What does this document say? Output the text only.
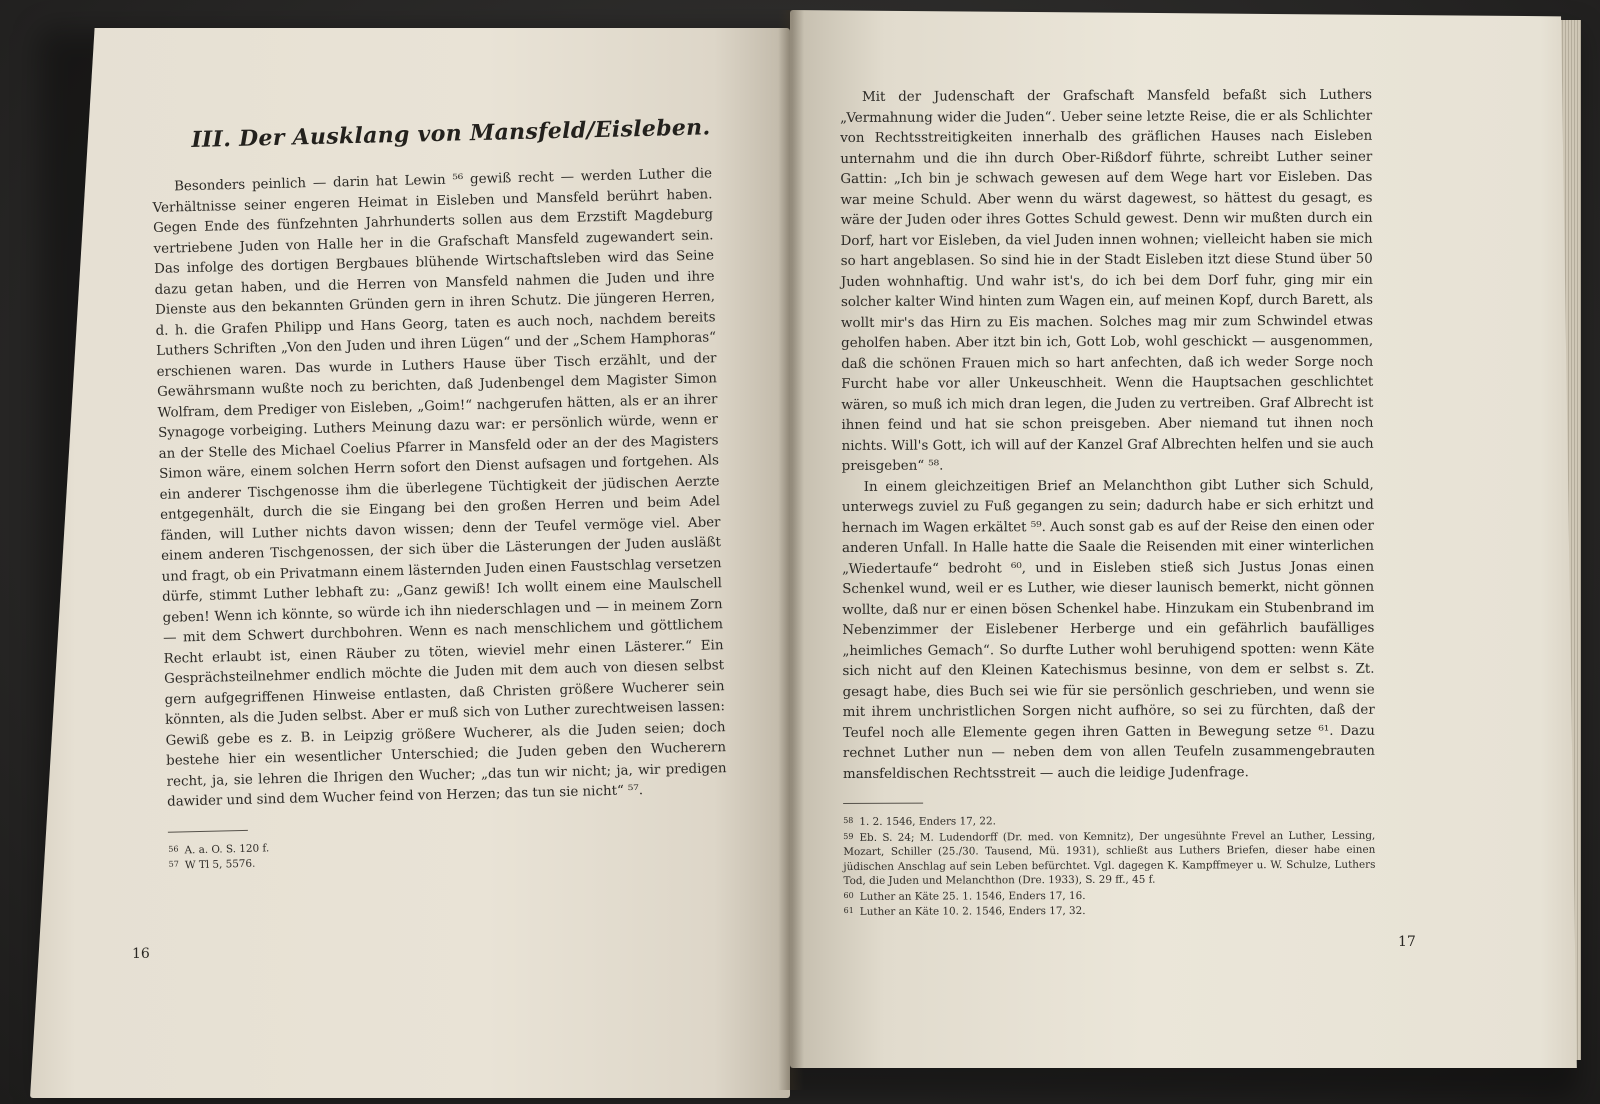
III. Der Ausklang von Mansfeld/Eisleben.

Besonders peinlich — darin hat Lewin ⁵⁶ gewiß recht — werden Luther die Verhältnisse seiner engeren Heimat in Eisleben und Mansfeld berührt haben. Gegen Ende des fünfzehnten Jahrhunderts sollen aus dem Erzstift Magdeburg vertriebene Juden von Halle her in die Grafschaft Mansfeld zugewandert sein. Das infolge des dortigen Bergbaues blühende Wirtschaftsleben wird das Seine dazu getan haben, und die Herren von Mansfeld nahmen die Juden und ihre Dienste aus den bekannten Gründen gern in ihren Schutz. Die jüngeren Herren, d. h. die Grafen Philipp und Hans Georg, taten es auch noch, nachdem bereits Luthers Schriften „Von den Juden und ihren Lügen“ und der „Schem Hamphoras“ erschienen waren. Das wurde in Luthers Hause über Tisch erzählt, und der Gewährsmann wußte noch zu berichten, daß Judenbengel dem Magister Simon Wolfram, dem Prediger von Eisleben, „Goim!“ nachgerufen hätten, als er an ihrer Synagoge vorbeiging. Luthers Meinung dazu war: er persönlich würde, wenn er an der Stelle des Michael Coelius Pfarrer in Mansfeld oder an der des Magisters Simon wäre, einem solchen Herrn sofort den Dienst aufsagen und fortgehen. Als ein anderer Tischgenosse ihm die überlegene Tüchtigkeit der jüdischen Aerzte entgegenhält, durch die sie Eingang bei den großen Herren und beim Adel fänden, will Luther nichts davon wissen; denn der Teufel vermöge viel. Aber einem anderen Tischgenossen, der sich über die Lästerungen der Juden ausläßt und fragt, ob ein Privatmann einem lästernden Juden einen Faustschlag versetzen dürfe, stimmt Luther lebhaft zu: „Ganz gewiß! Ich wollt einem eine Maulschell geben! Wenn ich könnte, so würde ich ihn niederschlagen und — in meinem Zorn — mit dem Schwert durchbohren. Wenn es nach menschlichem und göttlichem Recht erlaubt ist, einen Räuber zu töten, wieviel mehr einen Lästerer.“ Ein Gesprächsteilnehmer endlich möchte die Juden mit dem auch von diesen selbst gern aufgegriffenen Hinweise entlasten, daß Christen größere Wucherer sein könnten, als die Juden selbst. Aber er muß sich von Luther zurechtweisen lassen: Gewiß gebe es z. B. in Leipzig größere Wucherer, als die Juden seien; doch bestehe hier ein wesentlicher Unterschied; die Juden geben den Wucherern recht, ja, sie lehren die Ihrigen den Wucher; „das tun wir nicht; ja, wir predigen dawider und sind dem Wucher feind von Herzen; das tun sie nicht“ ⁵⁷.

56 A. a. O. S. 120 f.
57 W Tl 5, 5576.
16

Mit der Judenschaft der Grafschaft Mansfeld befaßt sich Luthers „Vermahnung wider die Juden“. Ueber seine letzte Reise, die er als Schlichter von Rechtsstreitigkeiten innerhalb des gräflichen Hauses nach Eisleben unternahm und die ihn durch Ober-Rißdorf führte, schreibt Luther seiner Gattin: „Ich bin je schwach gewesen auf dem Wege hart vor Eisleben. Das war meine Schuld. Aber wenn du wärst dagewest, so hättest du gesagt, es wäre der Juden oder ihres Gottes Schuld gewest. Denn wir mußten durch ein Dorf, hart vor Eisleben, da viel Juden innen wohnen; vielleicht haben sie mich so hart angeblasen. So sind hie in der Stadt Eisleben itzt diese Stund über 50 Juden wohnhaftig. Und wahr ist's, do ich bei dem Dorf fuhr, ging mir ein solcher kalter Wind hinten zum Wagen ein, auf meinen Kopf, durch Barett, als wollt mir's das Hirn zu Eis machen. Solches mag mir zum Schwindel etwas geholfen haben. Aber itzt bin ich, Gott Lob, wohl geschickt — ausgenommen, daß die schönen Frauen mich so hart anfechten, daß ich weder Sorge noch Furcht habe vor aller Unkeuschheit. Wenn die Hauptsachen geschlichtet wären, so muß ich mich dran legen, die Juden zu vertreiben. Graf Albrecht ist ihnen feind und hat sie schon preisgeben. Aber niemand tut ihnen noch nichts. Will's Gott, ich will auf der Kanzel Graf Albrechten helfen und sie auch preisgeben“ ⁵⁸.

In einem gleichzeitigen Brief an Melanchthon gibt Luther sich Schuld, unterwegs zuviel zu Fuß gegangen zu sein; dadurch habe er sich erhitzt und hernach im Wagen erkältet ⁵⁹. Auch sonst gab es auf der Reise den einen oder anderen Unfall. In Halle hatte die Saale die Reisenden mit einer winterlichen „Wiedertaufe“ bedroht ⁶⁰, und in Eisleben stieß sich Justus Jonas einen Schenkel wund, weil er es Luther, wie dieser launisch bemerkt, nicht gönnen wollte, daß nur er einen bösen Schenkel habe. Hinzukam ein Stubenbrand im Nebenzimmer der Eislebener Herberge und ein gefährlich baufälliges „heimliches Gemach“. So durfte Luther wohl beruhigend spotten: wenn Käte sich nicht auf den Kleinen Katechismus besinne, von dem er selbst s. Zt. gesagt habe, dies Buch sei wie für sie persönlich geschrieben, und wenn sie mit ihrem unchristlichen Sorgen nicht aufhöre, so sei zu fürchten, daß der Teufel noch alle Elemente gegen ihren Gatten in Bewegung setze ⁶¹. Dazu rechnet Luther nun — neben dem von allen Teufeln zusammengebrauten mansfeldischen Rechtsstreit — auch die leidige Judenfrage.

58 1. 2. 1546, Enders 17, 22.
59 Eb. S. 24; M. Ludendorff (Dr. med. von Kemnitz), Der ungesühnte Frevel an Luther, Lessing, Mozart, Schiller (25./30. Tausend, Mü. 1931), schließt aus Luthers Briefen, dieser habe einen jüdischen Anschlag auf sein Leben befürchtet. Vgl. dagegen K. Kampffmeyer u. W. Schulze, Luthers Tod, die Juden und Melanchthon (Dre. 1933), S. 29 ff., 45 f.
60 Luther an Käte 25. 1. 1546, Enders 17, 16.
61 Luther an Käte 10. 2. 1546, Enders 17, 32.
17
